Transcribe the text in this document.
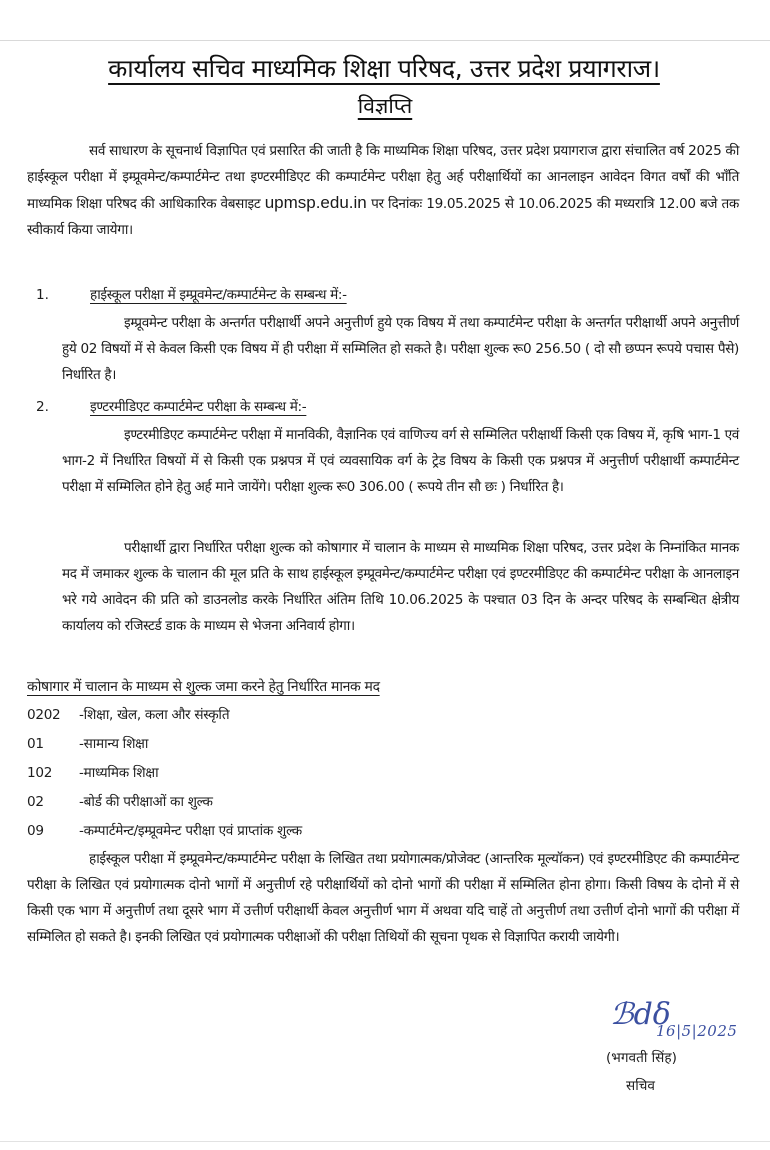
कार्यालय सचिव माध्यमिक शिक्षा परिषद, उत्तर प्रदेश प्रयागराज।
विज्ञप्ति
सर्व साधारण के सूचनार्थ विज्ञापित एवं प्रसारित की जाती है कि माध्यमिक शिक्षा परिषद, उत्तर प्रदेश प्रयागराज द्वारा संचालित वर्ष 2025 की हाईस्कूल परीक्षा में इम्प्रूवमेन्ट/कम्पार्टमेन्ट तथा इण्टरमीडिएट की कम्पार्टमेन्ट परीक्षा हेतु अर्ह परीक्षार्थियों का आनलाइन आवेदन विगत वर्षों की भाँति माध्यमिक शिक्षा परिषद की आधिकारिक वेबसाइट upmsp.edu.in पर दिनांकः 19.05.2025 से 10.06.2025 की मध्यरात्रि 12.00 बजे तक स्वीकार्य किया जायेगा।
1.	हाईस्कूल परीक्षा में इम्प्रूवमेन्ट/कम्पार्टमेन्ट के सम्बन्ध में:-
इम्प्रूवमेन्ट परीक्षा के अन्तर्गत परीक्षार्थी अपने अनुत्तीर्ण हुये एक विषय में तथा कम्पार्टमेन्ट परीक्षा के अन्तर्गत परीक्षार्थी अपने अनुत्तीर्ण हुये 02 विषयों में से केवल किसी एक विषय में ही परीक्षा में सम्मिलित हो सकते है। परीक्षा शुल्क रू0 256.50 ( दो सौ छप्पन रूपये पचास पैसे) निर्धारित है।
2.	इण्टरमीडिएट कम्पार्टमेन्ट परीक्षा के सम्बन्ध में:-
इण्टरमीडिएट कम्पार्टमेन्ट परीक्षा में मानविकी, वैज्ञानिक एवं वाणिज्य वर्ग से सम्मिलित परीक्षार्थी किसी एक विषय में, कृषि भाग-1 एवं भाग-2 में निर्धारित विषयों में से किसी एक प्रश्नपत्र में एवं व्यवसायिक वर्ग के ट्रेड विषय के किसी एक प्रश्नपत्र में अनुत्तीर्ण परीक्षार्थी कम्पार्टमेन्ट परीक्षा में सम्मिलित होने हेतु अर्ह माने जायेंगे। परीक्षा शुल्क रू0 306.00 ( रूपये तीन सौ छः ) निर्धारित है।
परीक्षार्थी द्वारा निर्धारित परीक्षा शुल्क को कोषागार में चालान के माध्यम से माध्यमिक शिक्षा परिषद, उत्तर प्रदेश के निम्नांकित मानक मद में जमाकर शुल्क के चालान की मूल प्रति के साथ हाईस्कूल इम्प्रूवमेन्ट/कम्पार्टमेन्ट परीक्षा एवं इण्टरमीडिएट की कम्पार्टमेन्ट परीक्षा के आनलाइन भरे गये आवेदन की प्रति को डाउनलोड करके निर्धारित अंतिम तिथि 10.06.2025 के पश्चात 03 दिन के अन्दर परिषद के सम्बन्धित क्षेत्रीय कार्यालय को रजिस्टर्ड डाक के माध्यम से भेजना अनिवार्य होगा।
कोषागार में चालान के माध्यम से शुल्क जमा करने हेतु निर्धारित मानक मद
0202 -शिक्षा, खेल, कला और संस्कृति
01	-सामान्य शिक्षा
102 -माध्यमिक शिक्षा
02	-बोर्ड की परीक्षाओं का शुल्क
09	-कम्पार्टमेन्ट/इम्प्रूवमेन्ट परीक्षा एवं प्राप्तांक शुल्क
हाईस्कूल परीक्षा में इम्प्रूवमेन्ट/कम्पार्टमेन्ट परीक्षा के लिखित तथा प्रयोगात्मक/प्रोजेक्ट (आन्तरिक मूल्यॉकन) एवं इण्टरमीडिएट की कम्पार्टमेन्ट परीक्षा के लिखित एवं प्रयोगात्मक दोनो भागों में अनुत्तीर्ण रहे परीक्षार्थियों को दोनो भागों की परीक्षा में सम्मिलित होना होगा। किसी विषय के दोनो में से किसी एक भाग में अनुत्तीर्ण तथा दूसरे भाग में उत्तीर्ण परीक्षार्थी केवल अनुत्तीर्ण भाग में अथवा यदि चाहें तो अनुत्तीर्ण तथा उत्तीर्ण दोनो भागों की परीक्षा में सम्मिलित हो सकते है। इनकी लिखित एवं प्रयोगात्मक परीक्षाओं की परीक्षा तिथियों की सूचना पृथक से विज्ञापित करायी जायेगी।
ℬdδ
16|5|2025
(भगवती सिंह)
सचिव
